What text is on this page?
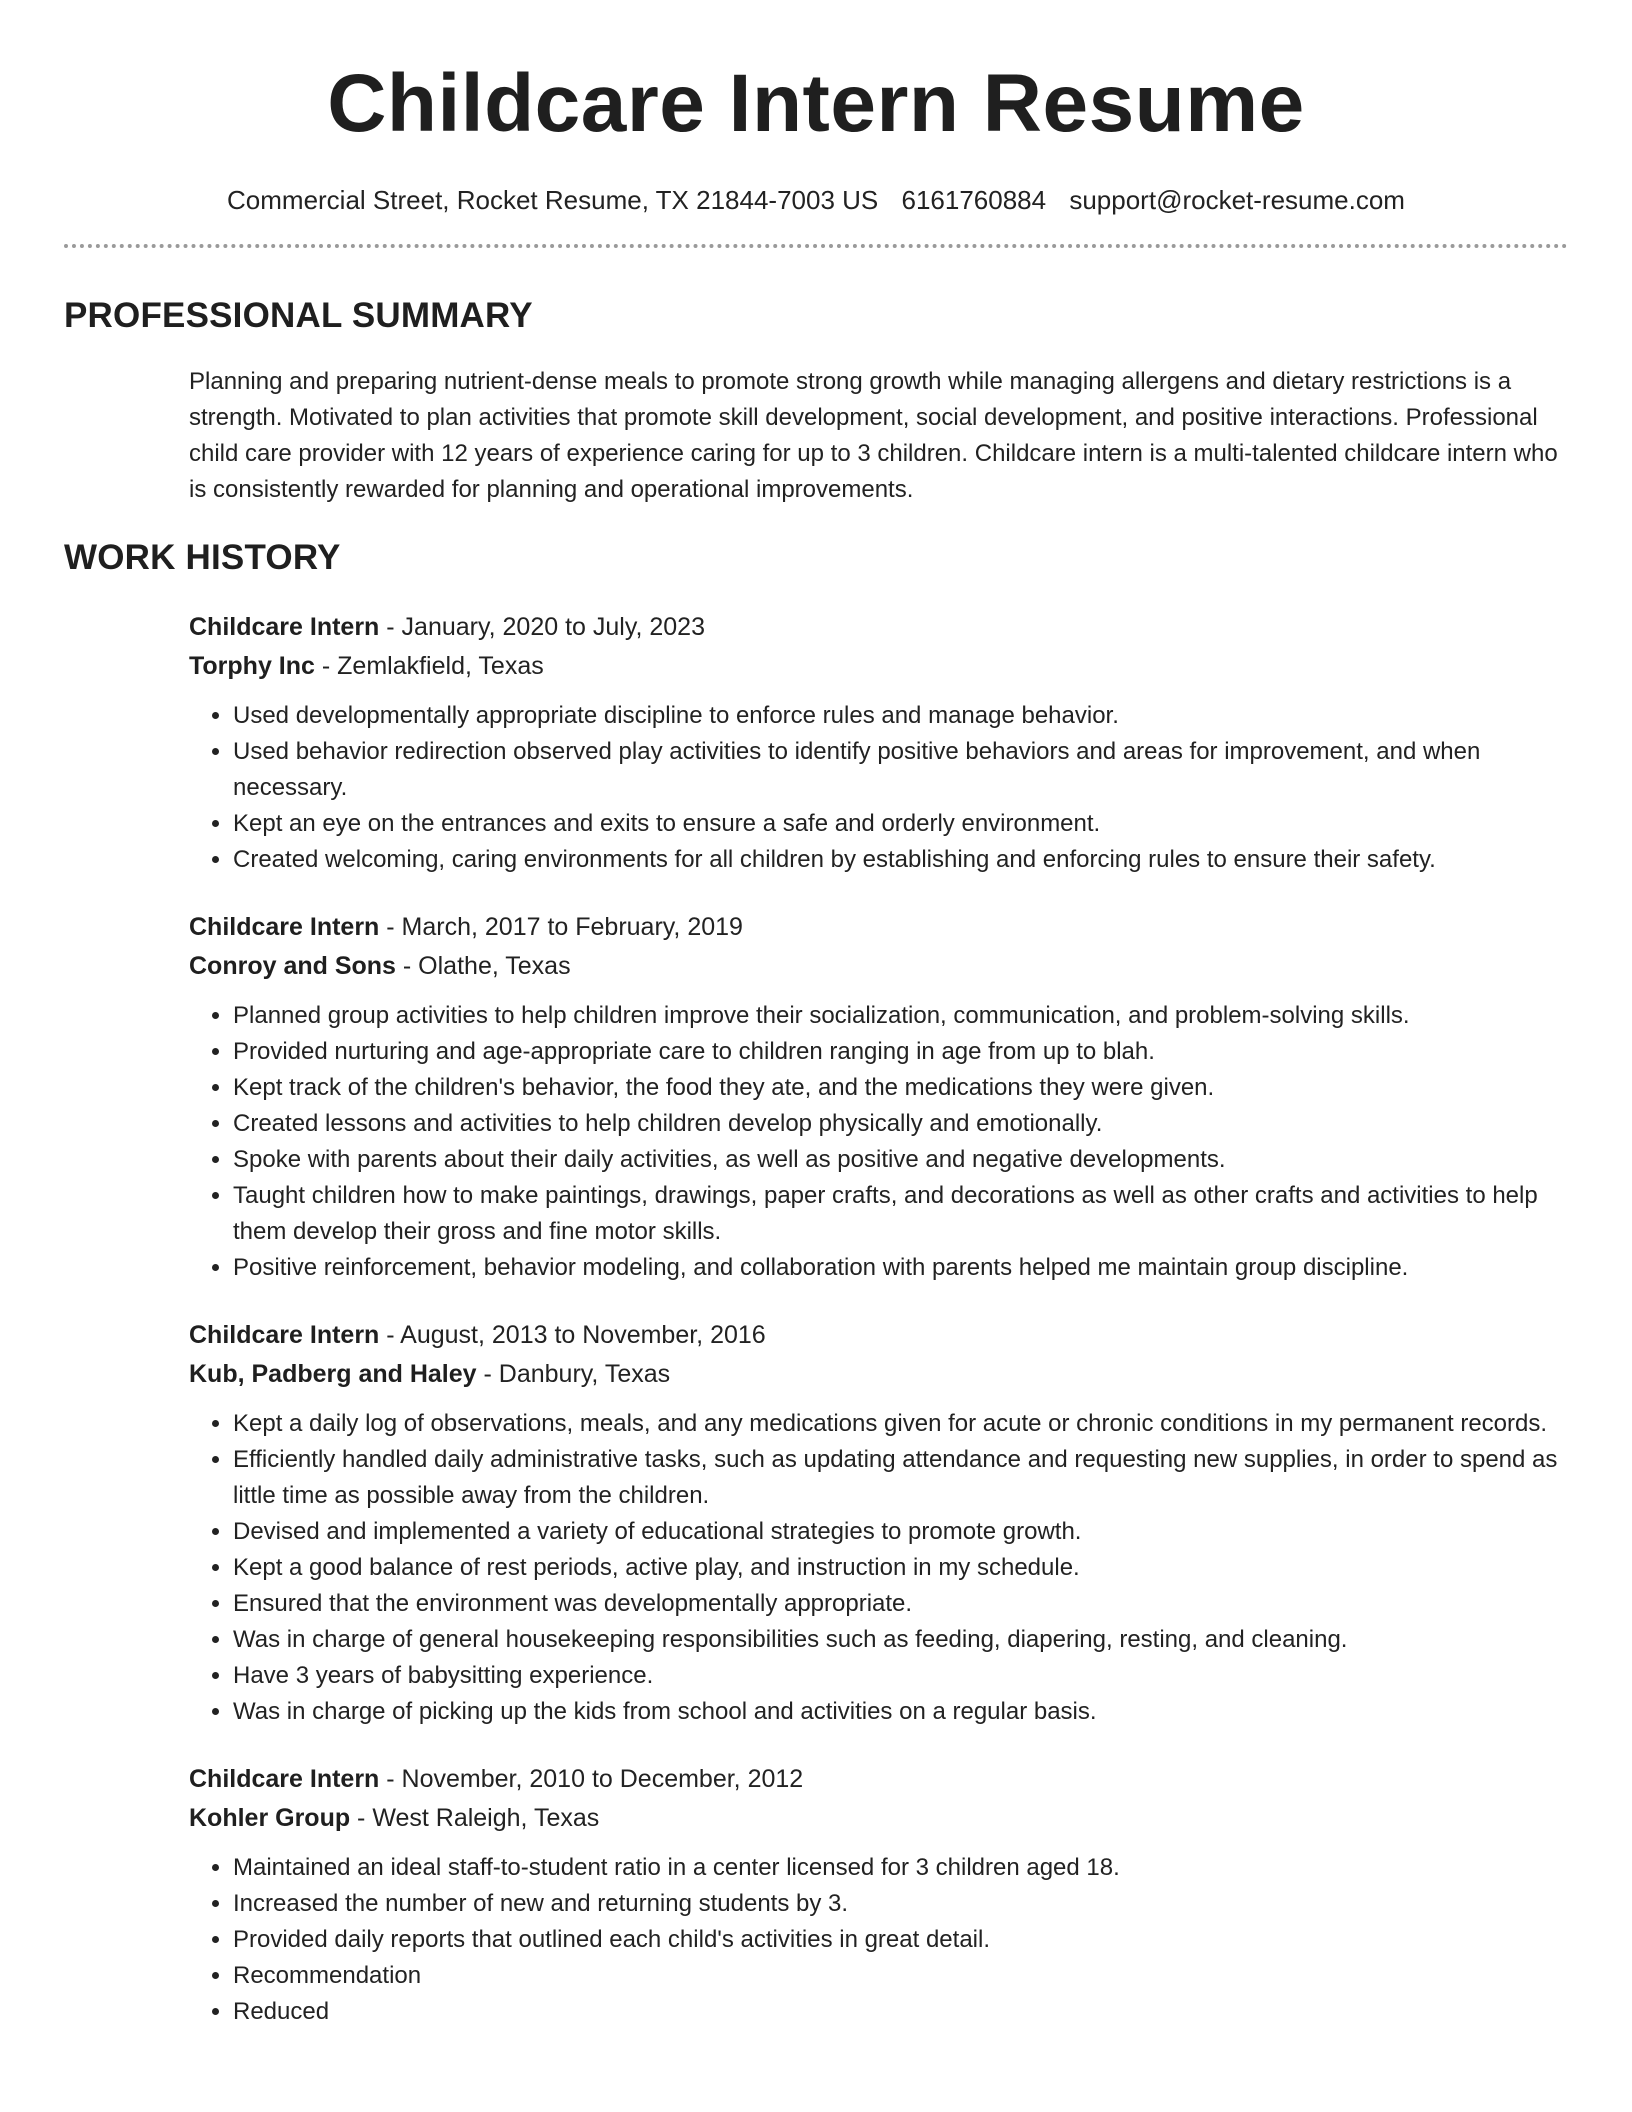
Childcare Intern Resume
Commercial Street, Rocket Resume, TX 21844-7003 US 6161760884 support@rocket-resume.com
PROFESSIONAL SUMMARY

Planning and preparing nutrient-dense meals to promote strong growth while managing allergens and dietary restrictions is a strength. Motivated to plan activities that promote skill development, social development, and positive interactions. Professional child care provider with 12 years of experience caring for up to 3 children. Childcare intern is a multi-talented childcare intern who is consistently rewarded for planning and operational improvements.

WORK HISTORY
Childcare Intern - January, 2020 to July, 2023
Torphy Inc - Zemlakfield, Texas
• Used developmentally appropriate discipline to enforce rules and manage behavior.
• Used behavior redirection observed play activities to identify positive behaviors and areas for improvement, and when necessary.
• Kept an eye on the entrances and exits to ensure a safe and orderly environment.
• Created welcoming, caring environments for all children by establishing and enforcing rules to ensure their safety.
Childcare Intern - March, 2017 to February, 2019
Conroy and Sons - Olathe, Texas
• Planned group activities to help children improve their socialization, communication, and problem-solving skills.
• Provided nurturing and age-appropriate care to children ranging in age from up to blah.
• Kept track of the children's behavior, the food they ate, and the medications they were given.
• Created lessons and activities to help children develop physically and emotionally.
• Spoke with parents about their daily activities, as well as positive and negative developments.
• Taught children how to make paintings, drawings, paper crafts, and decorations as well as other crafts and activities to help them develop their gross and fine motor skills.
• Positive reinforcement, behavior modeling, and collaboration with parents helped me maintain group discipline.
Childcare Intern - August, 2013 to November, 2016
Kub, Padberg and Haley - Danbury, Texas
• Kept a daily log of observations, meals, and any medications given for acute or chronic conditions in my permanent records.
• Efficiently handled daily administrative tasks, such as updating attendance and requesting new supplies, in order to spend as little time as possible away from the children.
• Devised and implemented a variety of educational strategies to promote growth.
• Kept a good balance of rest periods, active play, and instruction in my schedule.
• Ensured that the environment was developmentally appropriate.
• Was in charge of general housekeeping responsibilities such as feeding, diapering, resting, and cleaning.
• Have 3 years of babysitting experience.
• Was in charge of picking up the kids from school and activities on a regular basis.
Childcare Intern - November, 2010 to December, 2012
Kohler Group - West Raleigh, Texas
• Maintained an ideal staff-to-student ratio in a center licensed for 3 children aged 18.
• Increased the number of new and returning students by 3.
• Provided daily reports that outlined each child's activities in great detail.
• Recommendation
• Reduced
